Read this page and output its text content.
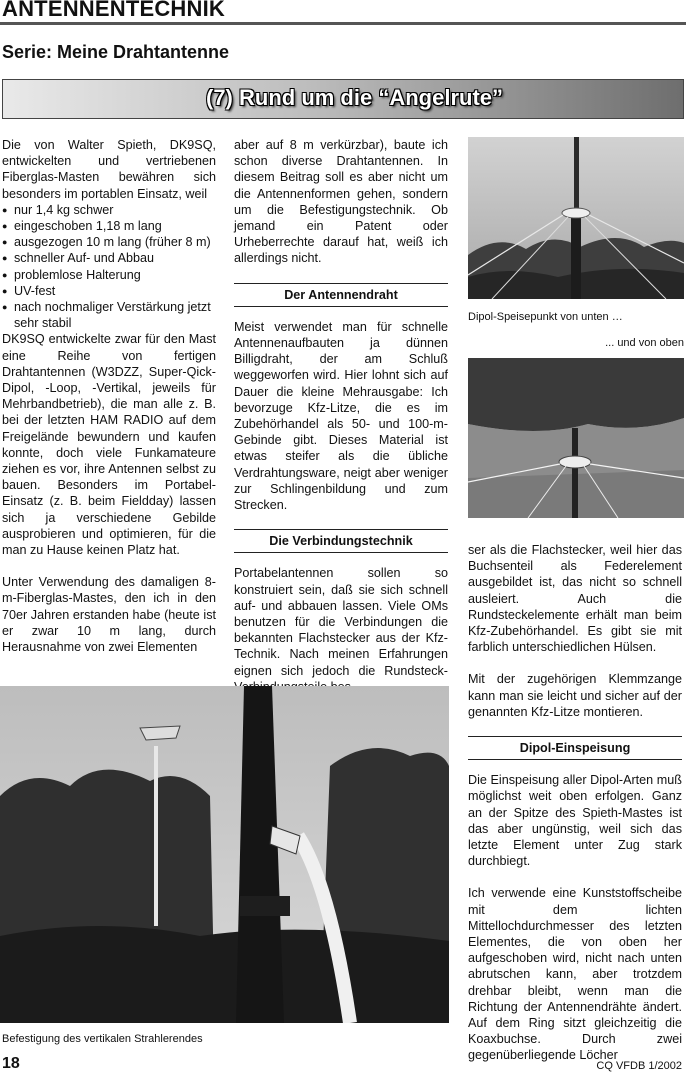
ANTENNENTECHNIK
Serie: Meine Drahtantenne
(7) Rund um die “Angelrute”

Die von Walter Spieth, DK9SQ, entwickelten und vertriebenen Fiberglas-Masten bewähren sich besonders im portablen Einsatz, weil

● nur 1,4 kg schwer
● eingeschoben 1,18 m lang
● ausgezogen 10 m lang (früher 8 m)
● schneller Auf- und Abbau
● problemlose Halterung
● UV-fest
● nach nochmaliger Verstärkung jetzt sehr stabil

DK9SQ entwickelte zwar für den Mast eine Reihe von fertigen Drahtantennen (W3DZZ, Super-Qick-Dipol, -Loop, -Vertikal, jeweils für Mehrbandbetrieb), die man alle z. B. bei der letzten HAM RADIO auf dem Freigelände bewundern und kaufen konnte, doch viele Funkamateure ziehen es vor, ihre Antennen selbst zu bauen. Besonders im Portabel-Einsatz (z. B. beim Fieldday) lassen sich ja verschiedene Gebilde ausprobieren und optimieren, für die man zu Hause keinen Platz hat.

Unter Verwendung des damaligen 8-m-Fiberglas-Mastes, den ich in den 70er Jahren erstanden habe (heute ist er zwar 10 m lang, durch Herausnahme von zwei Elementen

aber auf 8 m verkürzbar), baute ich schon diverse Drahtantennen. In diesem Beitrag soll es aber nicht um die Antennenformen gehen, sondern um die Befestigungstechnik. Ob jemand ein Patent oder Urheberrechte darauf hat, weiß ich allerdings nicht.

Der Antennendraht

Meist verwendet man für schnelle Antennenaufbauten ja dünnen Billigdraht, der am Schluß weggeworfen wird. Hier lohnt sich auf Dauer die kleine Mehrausgabe: Ich bevorzuge Kfz-Litze, die es im Zubehörhandel als 50- und 100-m-Gebinde gibt. Dieses Material ist etwas steifer als die übliche Verdrahtungsware, neigt aber weniger zur Schlingenbildung und zum Strecken.

Die Verbindungstechnik

Portabelantennen sollen so konstruiert sein, daß sie sich schnell auf- und abbauen lassen. Viele OMs benutzen für die Verbindungen die bekannten Flachstecker aus der Kfz-Technik. Nach meinen Erfahrungen eignen sich jedoch die Rundsteck-

Dipol-Speisepunkt von unten …
... und von oben

ser als die Flachstecker, weil hier das Buchsenteil als Federelement ausgebildet ist, das nicht so schnell ausleiert. Auch die Rundsteckelemente erhält man beim Kfz-Zubehörhandel. Es gibt sie mit farblich unterschiedlichen Hülsen.

Mit der zugehörigen Klemmzange kann man sie leicht und sicher auf der genannten Kfz-Litze montieren.

Dipol-Einspeisung

Die Einspeisung aller Dipol-Arten muß möglichst weit oben erfolgen. Ganz an der Spitze des Spieth-Mastes ist das aber ungünstig, weil sich das letzte Element unter Zug stark durchbiegt.

Ich verwende eine Kunststoffscheibe mit dem lichten Mittellochdurchmesser des letzten Elementes, die von oben her aufgeschoben wird, nicht nach unten abrutschen kann, aber trotzdem drehbar bleibt, wenn man die Richtung der Antennendrähte ändert. Auf dem Ring sitzt gleichzeitig die Koaxbuchse. Durch zwei gegenüberliegende Löcher

Befestigung des vertikalen Strahlerendes
18	CQ VFDB 1/2002
